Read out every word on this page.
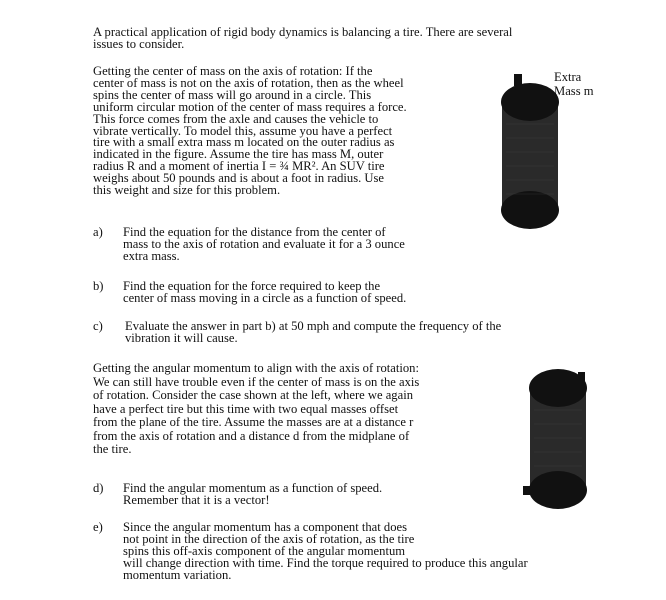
A practical application of rigid body dynamics is balancing a tire. There are several
issues to consider.
Getting the center of mass on the axis of rotation: If the
center of mass is not on the axis of rotation, then as the wheel
spins the center of mass will go around in a circle. This
uniform circular motion of the center of mass requires a force.
This force comes from the axle and causes the vehicle to
vibrate vertically. To model this, assume you have a perfect
tire with a small extra mass m located on the outer radius as
indicated in the figure. Assume the tire has mass M, outer
radius R and a moment of inertia I = ¾ MR². An SUV tire
weighs about 50 pounds and is about a foot in radius. Use
this weight and size for this problem.
a) Find the equation for the distance from the center of
mass to the axis of rotation and evaluate it for a 3 ounce
extra mass.
b) Find the equation for the force required to keep the
center of mass moving in a circle as a function of speed.
c) Evaluate the answer in part b) at 50 mph and compute the frequency of the
vibration it will cause.
Getting the angular momentum to align with the axis of rotation:
We can still have trouble even if the center of mass is on the axis
of rotation. Consider the case shown at the left, where we again
have a perfect tire but this time with two equal masses offset
from the plane of the tire. Assume the masses are at a distance r
from the axis of rotation and a distance d from the midplane of
the tire.
d) Find the angular momentum as a function of speed.
Remember that it is a vector!
e) Since the angular momentum has a component that does
not point in the direction of the axis of rotation, as the tire
spins this off-axis component of the angular momentum
will change direction with time. Find the torque required to produce this angular
momentum variation.
Extra
Mass m
